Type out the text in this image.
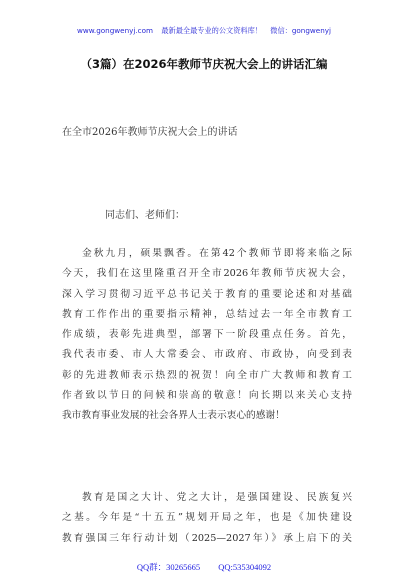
www.gongwenyj.com 最新最全最专业的公文资料库！ 微信：gongwenyj
（3篇）在2026年教师节庆祝大会上的讲话汇编
在全市2026年教师节庆祝大会上的讲话
同志们、老师们：
金秋九月，硕果飘香。在第42个教师节即将来临之际
今天，我们在这里隆重召开全市2026年教师节庆祝大会，
深入学习贯彻习近平总书记关于教育的重要论述和对基础
教育工作作出的重要指示精神，总结过去一年全市教育工
作成绩，表彰先进典型，部署下一阶段重点任务。首先，
我代表市委、市人大常委会、市政府、市政协，向受到表
彰的先进教师表示热烈的祝贺！向全市广大教师和教育工
作者致以节日的问候和崇高的敬意！向长期以来关心支持
我市教育事业发展的社会各界人士表示衷心的感谢！
教育是国之大计、党之大计，是强国建设、民族复兴
之基。今年是“十五五”规划开局之年，也是《加快建设
教育强国三年行动计划（2025—2027年）》承上启下的关
QQ群：30265665 QQ:535304092
